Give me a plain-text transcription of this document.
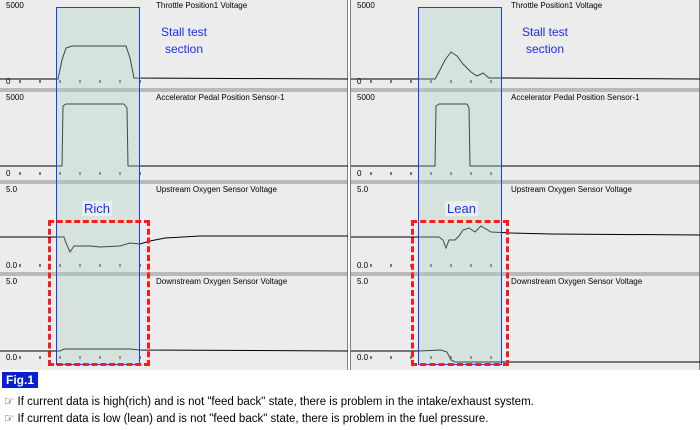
5000
0
Throttle Position1 Voltage
5000
0
Accelerator Pedal Position Sensor-1
5.0
0.0
Upstream Oxygen Sensor Voltage
5.0
0.0
Downstream Oxygen Sensor Voltage
Stall test section
Rich
5000
0
Throttle Position1 Voltage
5000
0
Accelerator Pedal Position Sensor-1
5.0
0.0
Upstream Oxygen Sensor Voltage
5.0
0.0
Downstream Oxygen Sensor Voltage
Stall test section
Lean
Fig.1
☞ If current data is high(rich) and is not "feed back" state, there is problem in the intake/exhaust system.
☞ If current data is low (lean) and is not "feed back" state, there is problem in the fuel pressure.
